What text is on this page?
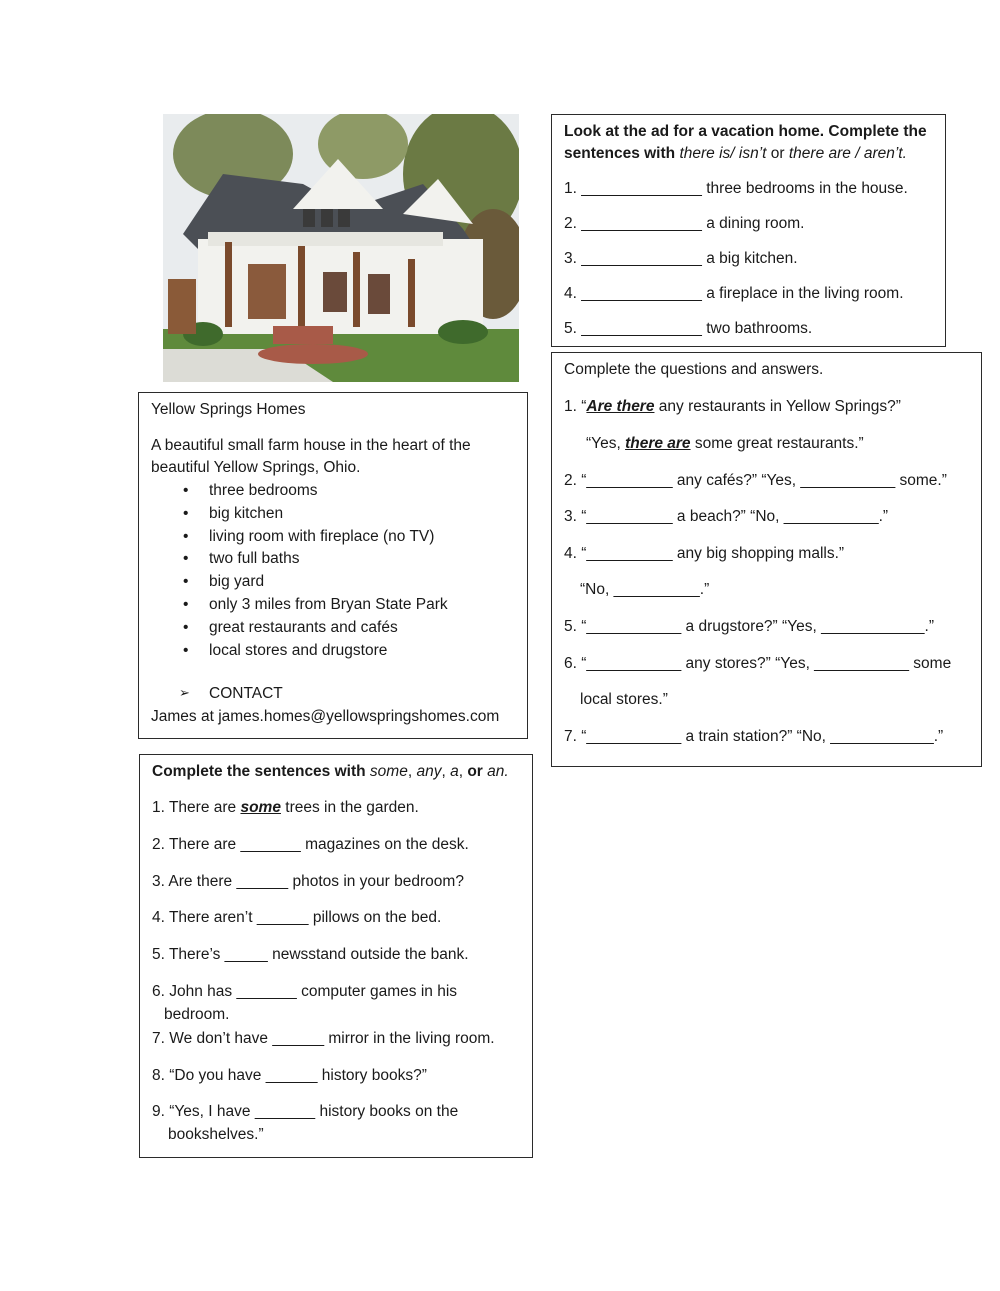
Look at the ad for a vacation home. Complete the
sentences with there is/ isn’t or there are / aren’t.
1. ______________ three bedrooms in the house.
2. ______________ a dining room.
3. ______________ a big kitchen.
4. ______________ a fireplace in the living room.
5. ______________ two bathrooms.
Yellow Springs Homes
A beautiful small farm house in the heart of the
beautiful Yellow Springs, Ohio.
• three bedrooms
• big kitchen
• living room with fireplace (no TV)
• two full baths
• big yard
• only 3 miles from Bryan State Park
• great restaurants and cafés
• local stores and drugstore
➢ CONTACT
James at james.homes@yellowspringshomes.com
Complete the questions and answers.
1. “Are there any restaurants in Yellow Springs?”
“Yes, there are some great restaurants.”
2. “__________ any cafés?” “Yes, ___________ some.”
3. “__________ a beach?” “No, ___________.”
4. “__________ any big shopping malls.”
“No, __________.”
5. “___________ a drugstore?” “Yes, ____________.”
6. “___________ any stores?” “Yes, ___________ some
local stores.”
7. “___________ a train station?” “No, ____________.”
Complete the sentences with some, any, a, or an.
1. There are some trees in the garden.
2. There are _______ magazines on the desk.
3. Are there ______ photos in your bedroom?
4. There aren’t ______ pillows on the bed.
5. There’s _____ newsstand outside the bank.
6. John has _______ computer games in his
bedroom.
7. We don’t have ______ mirror in the living room.
8. “Do you have ______ history books?”
9. “Yes, I have _______ history books on the
bookshelves.”
